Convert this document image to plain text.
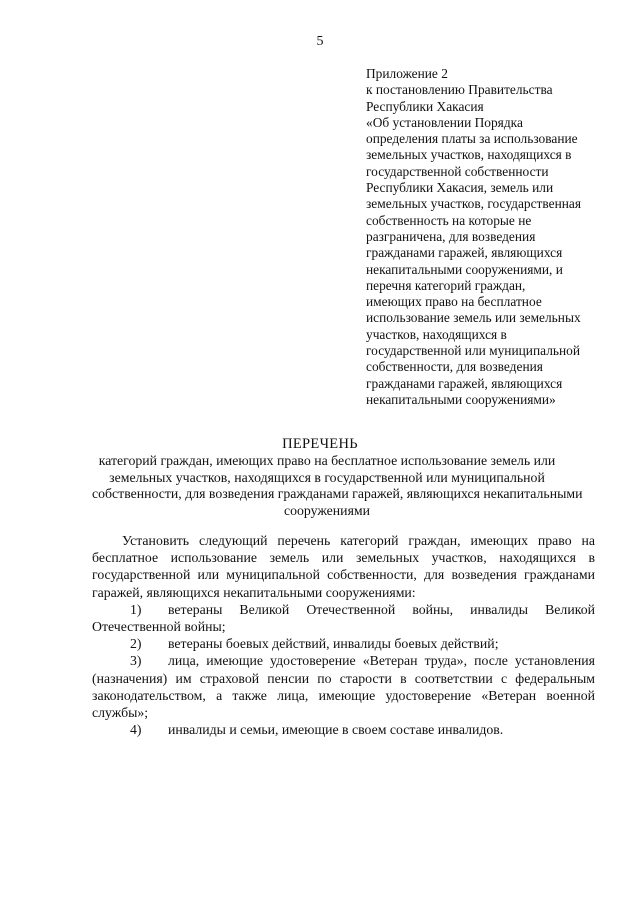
5
Приложение 2
к постановлению Правительства
Республики Хакасия
«Об установлении Порядка
определения платы за использование
земельных участков, находящихся в
государственной собственности
Республики Хакасия, земель или
земельных участков, государственная
собственность на которые не
разграничена, для возведения
гражданами гаражей, являющихся
некапитальными сооружениями, и
перечня категорий граждан,
имеющих право на бесплатное
использование земель или земельных
участков, находящихся в
государственной или муниципальной
собственности, для возведения
гражданами гаражей, являющихся
некапитальными сооружениями»
ПЕРЕЧЕНЬ
категорий граждан, имеющих право на бесплатное использование земель или
земельных участков, находящихся в государственной или муниципальной
собственности, для возведения гражданами гаражей, являющихся некапитальными
сооружениями

Установить следующий перечень категорий граждан, имеющих право на бесплатное использование земель или земельных участков, находящихся в государственной или муниципальной собственности, для возведения гражданами гаражей, являющихся некапитальными сооружениями:

1) ветераны Великой Отечественной войны, инвалиды Великой Отечественной войны;

2) ветераны боевых действий, инвалиды боевых действий;

3) лица, имеющие удостоверение «Ветеран труда», после установления (назначения) им страховой пенсии по старости в соответствии с федеральным законодательством, а также лица, имеющие удостоверение «Ветеран военной службы»;

4) инвалиды и семьи, имеющие в своем составе инвалидов.
